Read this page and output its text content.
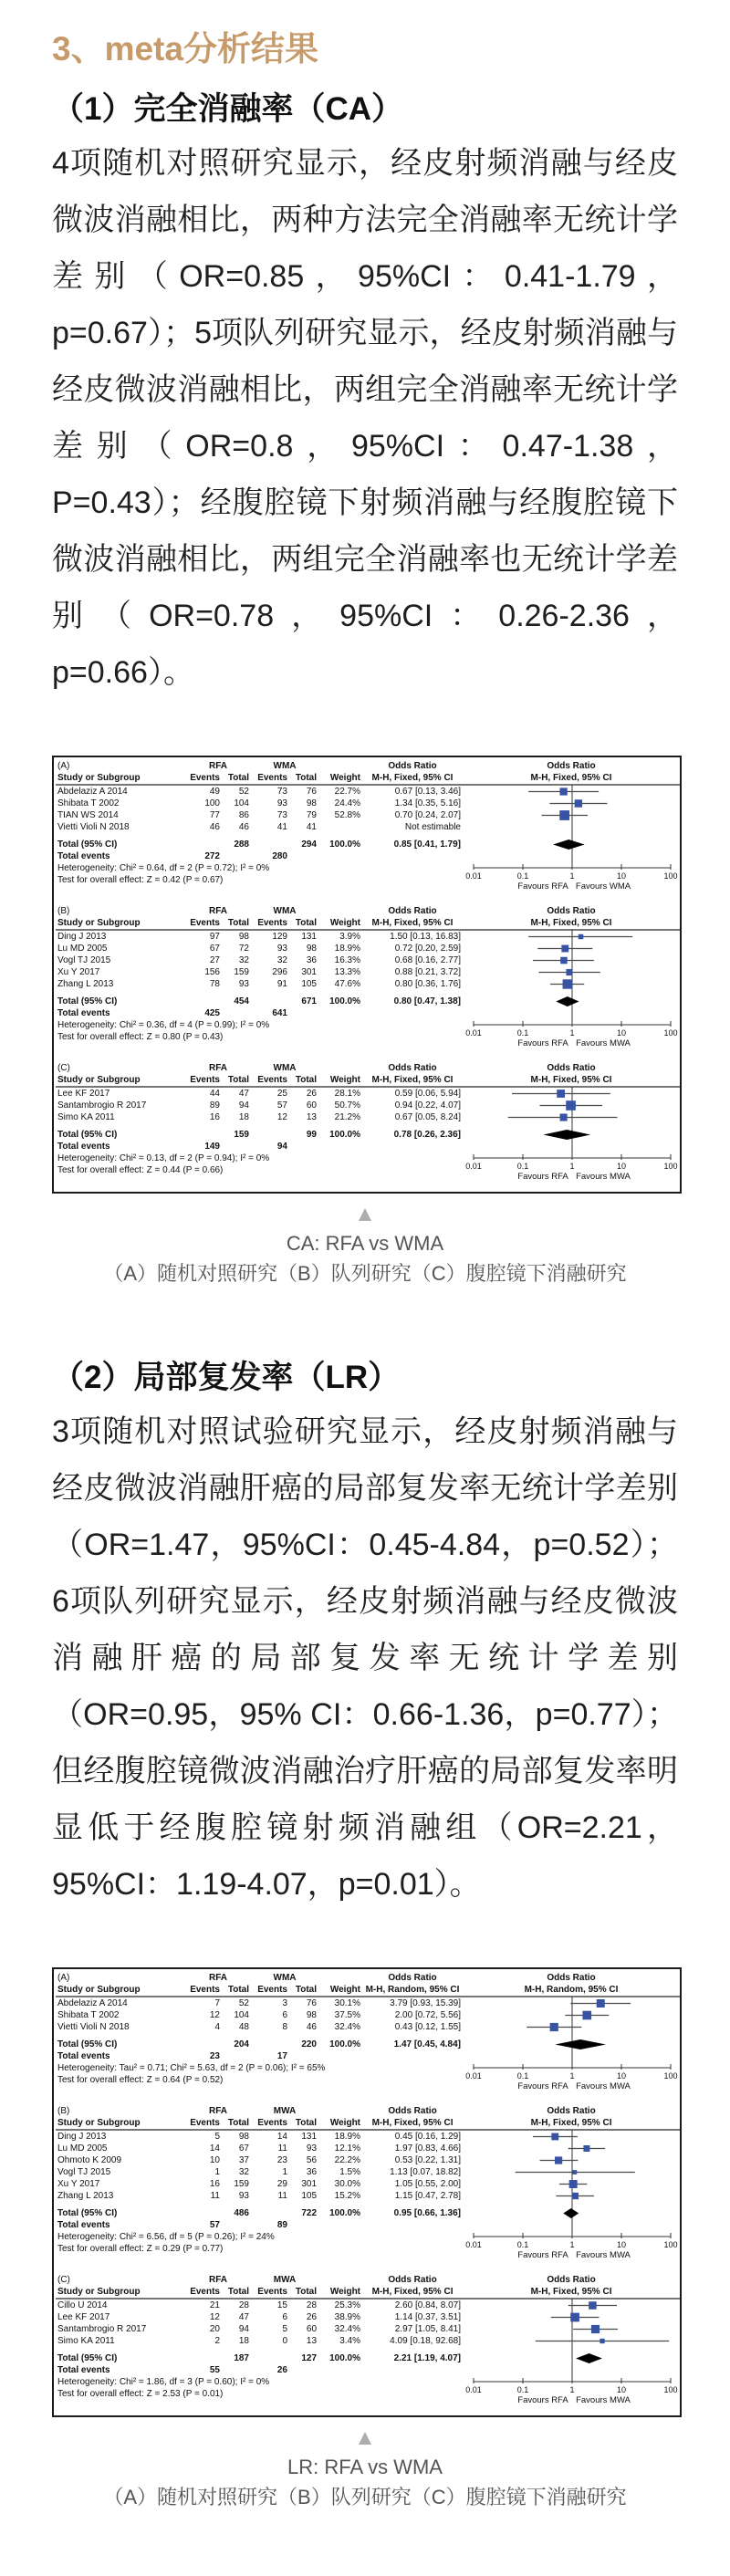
3、meta分析结果
（1）完全消融率（CA）

4项随机对照研究显示，经皮射频消融与经皮微波消融相比，两种方法完全消融率无统计学差别（OR=0.85，95%CI：0.41-1.79，p=0.67）；5项队列研究显示，经皮射频消融与经皮微波消融相比，两组完全消融率无统计学差别（OR=0.8，95%CI：0.47-1.38，P=0.43）；经腹腔镜下射频消融与经腹腔镜下微波消融相比，两组完全消融率也无统计学差别（OR=0.78，95%CI：0.26-2.36，p=0.66）。

(A)	RFA		WMA			Odds Ratio	Odds Ratio
Study or Subgroup	Events	Total	Events	Total	Weight	M-H, Fixed, 95% CI	M-H, Fixed, 95% CI
Abdelaziz A 2014	49	52	73	76	22.7%	0.67 [0.13, 3.46]	
Shibata T 2002	100	104	93	98	24.4%	1.34 [0.35, 5.16]	
TIAN WS 2014	77	86	73	79	52.8%	0.70 [0.24, 2.07]	
Vietti Violi N 2018	46	46	41	41		Not estimable	

Total (95% CI)		288		294	100.0%	0.85 [0.41, 1.79]	
Total events	272		280				
Heterogeneity: Chi² = 0.64, df = 2 (P = 0.72); I² = 0%							
Test for overall effect: Z = 0.42 (P = 0.67)								0.01	0.1	1	10	100
Favours RFA Favours WMA
(B)	RFA		WMA			Odds Ratio	Odds Ratio
Study or Subgroup	Events	Total	Events	Total	Weight	M-H, Fixed, 95% CI	M-H, Fixed, 95% CI
Ding J 2013	97	98	129	131	3.9%	1.50 [0.13, 16.83]	
Lu MD 2005	67	72	93	98	18.9%	0.72 [0.20, 2.59]	
Vogl TJ 2015	27	32	32	36	16.3%	0.68 [0.16, 2.77]	
Xu Y 2017	156	159	296	301	13.3%	0.88 [0.21, 3.72]	
Zhang L 2013	78	93	91	105	47.6%	0.80 [0.36, 1.76]	

Total (95% CI)		454		671	100.0%	0.80 [0.47, 1.38]	
Total events	425		641				
Heterogeneity: Chi² = 0.36, df = 4 (P = 0.99); I² = 0%							
Test for overall effect: Z = 0.80 (P = 0.43)								0.01	0.1	1	10	100
Favours RFA Favours MWA
(C)	RFA		WMA			Odds Ratio	Odds Ratio
Study or Subgroup	Events	Total	Events	Total	Weight	M-H, Fixed, 95% CI	M-H, Fixed, 95% CI
Lee KF 2017	44	47	25	26	28.1%	0.59 [0.06, 5.94]	
Santambrogio R 2017	89	94	57	60	50.7%	0.94 [0.22, 4.07]	
Simo KA 2011	16	18	12	13	21.2%	0.67 [0.05, 8.24]	

Total (95% CI)		159		99	100.0%	0.78 [0.26, 2.36]	
Total events	149		94				
Heterogeneity: Chi² = 0.13, df = 2 (P = 0.94); I² = 0%							
Test for overall effect: Z = 0.44 (P = 0.66)								0.01	0.1	1	10	100
Favours RFA Favours MWA
▲
CA: RFA vs WMA
（A）随机对照研究（B）队列研究（C）腹腔镜下消融研究
（2）局部复发率（LR）

3项随机对照试验研究显示，经皮射频消融与经皮微波消融肝癌的局部复发率无统计学差别（OR=1.47，95%CI：0.45-4.84，p=0.52）；6项队列研究显示，经皮射频消融与经皮微波消融肝癌的局部复发率无统计学差别（OR=0.95，95% CI：0.66-1.36，p=0.77）；但经腹腔镜微波消融治疗肝癌的局部复发率明显低于经腹腔镜射频消融组（OR=2.21，95%CI：1.19-4.07，p=0.01）。

(A)	RFA		WMA			Odds Ratio	Odds Ratio
Study or Subgroup	Events	Total	Events	Total	Weight	M-H, Random, 95% CI	M-H, Random, 95% CI
Abdelaziz A 2014	7	52	3	76	30.1%	3.79 [0.93, 15.39]	
Shibata T 2002	12	104	6	98	37.5%	2.00 [0.72, 5.56]	
Vietti Violi N 2018	4	48	8	46	32.4%	0.43 [0.12, 1.55]	

Total (95% CI)		204		220	100.0%	1.47 [0.45, 4.84]	
Total events	23		17				
Heterogeneity: Tau² = 0.71; Chi² = 5.63, df = 2 (P = 0.06); I² = 65%							
Test for overall effect: Z = 0.64 (P = 0.52)								0.01	0.1	1	10	100
Favours RFA Favours MWA
(B)	RFA		MWA			Odds Ratio	Odds Ratio
Study or Subgroup	Events	Total	Events	Total	Weight	M-H, Fixed, 95% CI	M-H, Fixed, 95% CI
Ding J 2013	5	98	14	131	18.9%	0.45 [0.16, 1.29]	
Lu MD 2005	14	67	11	93	12.1%	1.97 [0.83, 4.66]	
Ohmoto K 2009	10	37	23	56	22.2%	0.53 [0.22, 1.31]	
Vogl TJ 2015	1	32	1	36	1.5%	1.13 [0.07, 18.82]	
Xu Y 2017	16	159	29	301	30.0%	1.05 [0.55, 2.00]	
Zhang L 2013	11	93	11	105	15.2%	1.15 [0.47, 2.78]	

Total (95% CI)		486		722	100.0%	0.95 [0.66, 1.36]	
Total events	57		89				
Heterogeneity: Chi² = 6.56, df = 5 (P = 0.26); I² = 24%							
Test for overall effect: Z = 0.29 (P = 0.77)								0.01	0.1	1	10	100
Favours RFA Favours MWA
(C)	RFA		MWA			Odds Ratio	Odds Ratio
Study or Subgroup	Events	Total	Events	Total	Weight	M-H, Fixed, 95% CI	M-H, Fixed, 95% CI
Cillo U 2014	21	28	15	28	25.3%	2.60 [0.84, 8.07]	
Lee KF 2017	12	47	6	26	38.9%	1.14 [0.37, 3.51]	
Santambrogio R 2017	20	94	5	60	32.4%	2.97 [1.05, 8.41]	
Simo KA 2011	2	18	0	13	3.4%	4.09 [0.18, 92.68]	

Total (95% CI)		187		127	100.0%	2.21 [1.19, 4.07]	
Total events	55		26				
Heterogeneity: Chi² = 1.86, df = 3 (P = 0.60); I² = 0%							
Test for overall effect: Z = 2.53 (P = 0.01)								0.01	0.1	1	10	100
Favours RFA Favours MWA
▲
LR: RFA vs WMA
（A）随机对照研究（B）队列研究（C）腹腔镜下消融研究
